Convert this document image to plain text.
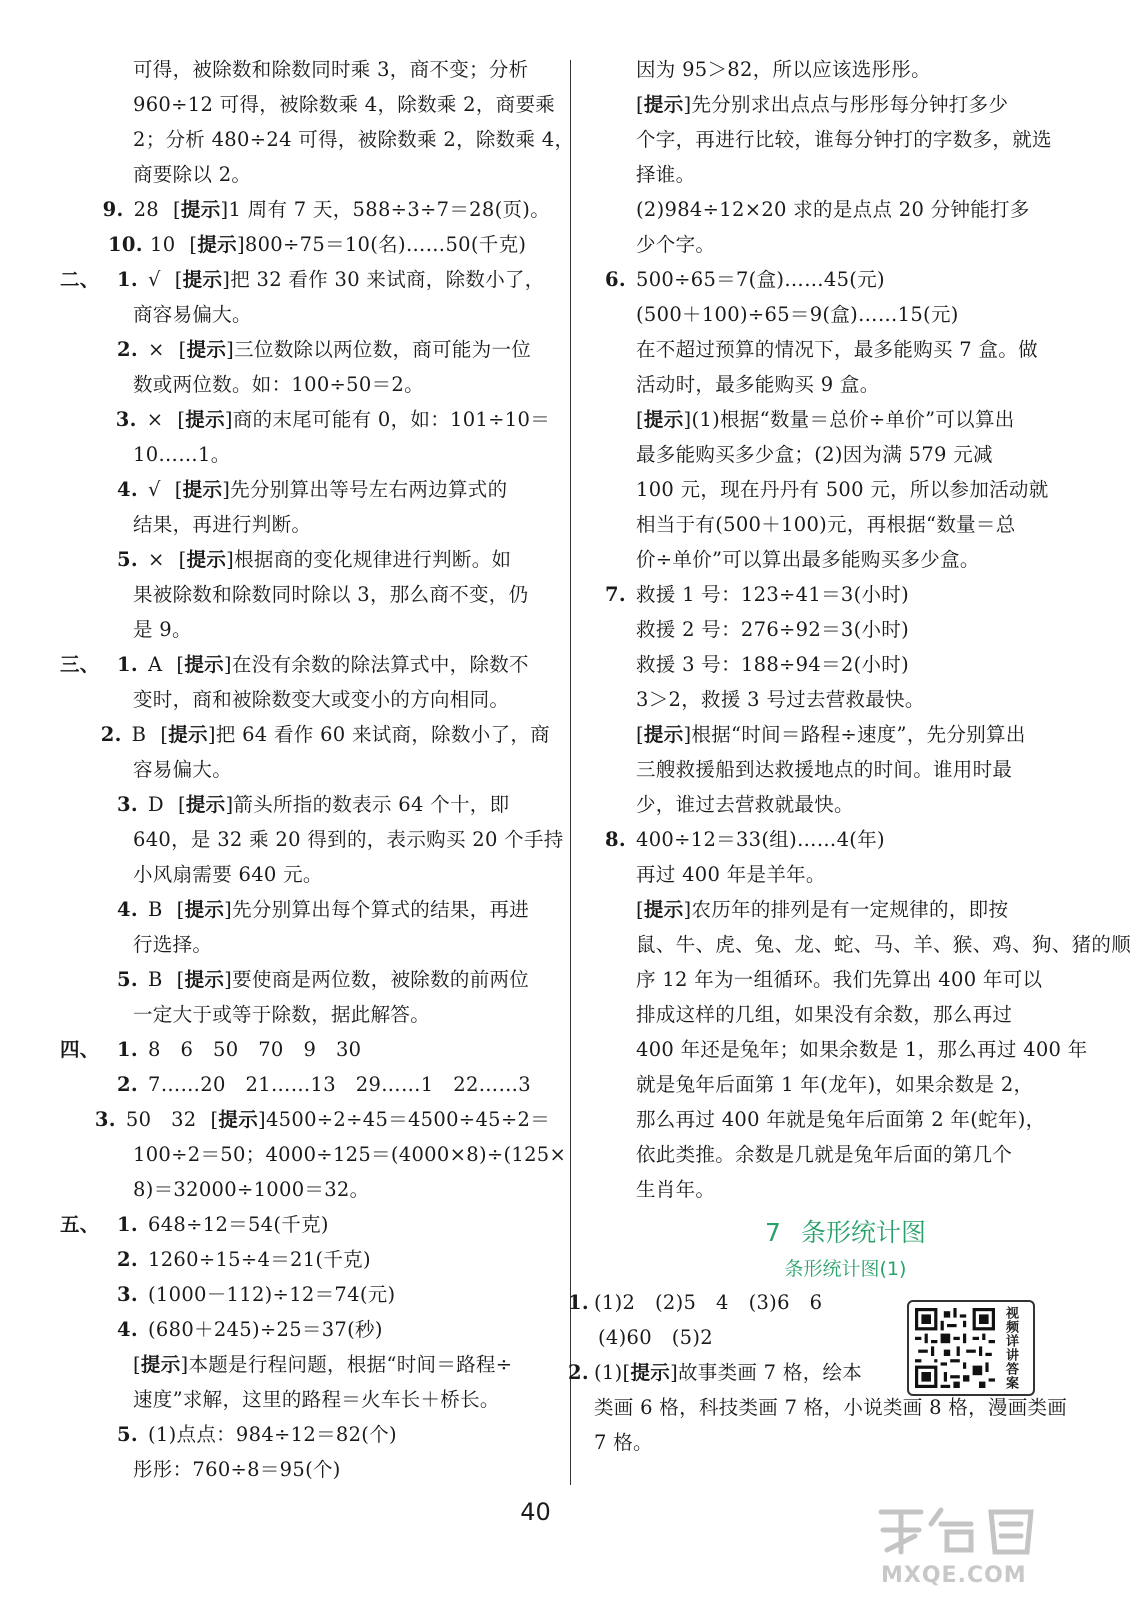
可得，被除数和除数同时乘 3，商不变；分析
960÷12 可得，被除数乘 4，除数乘 2，商要乘
2；分析 480÷24 可得，被除数乘 2，除数乘 4，
商要除以 2。
9. 28 [提示] 1 周有 7 天，588÷3÷7＝28(页)。
10. 10 [提示] 800÷75＝10(名)……50(千克)
二、 1. √ [提示] 把 32 看作 30 来试商，除数小了，
商容易偏大。
2. × [提示] 三位数除以两位数，商可能为一位
数或两位数。如：100÷50＝2。
3. × [提示] 商的末尾可能有 0，如：101÷10＝
10……1。
4. √ [提示] 先分别算出等号左右两边算式的
结果，再进行判断。
5. × [提示] 根据商的变化规律进行判断。如
果被除数和除数同时除以 3，那么商不变，仍
是 9。
三、 1. A [提示] 在没有余数的除法算式中，除数不
变时，商和被除数变大或变小的方向相同。
2. B [提示] 把 64 看作 60 来试商，除数小了，商
容易偏大。
3. D [提示] 箭头所指的数表示 64 个十，即
640，是 32 乘 20 得到的，表示购买 20 个手持
小风扇需要 640 元。
4. B [提示] 先分别算出每个算式的结果，再进
行选择。
5. B [提示] 要使商是两位数，被除数的前两位
一定大于或等于除数，据此解答。
四、 1. 8　6　50　70　9　30
2. 7……20　21……13　29……1　22……3
3. 50　32 [提示] 4500÷2÷45＝4500÷45÷2＝
100÷2＝50；4000÷125＝(4000×8)÷(125×
8)＝32000÷1000＝32。
五、 1. 648÷12＝54(千克)
2. 1260÷15÷4＝21(千克)
3. (1000－112)÷12＝74(元)
4. (680＋245)÷25＝37(秒)
[提示]本题是行程问题，根据“时间＝路程÷
速度”求解，这里的路程＝火车长＋桥长。
5. (1)点点：984÷12＝82(个)
彤彤：760÷8＝95(个)
因为 95＞82，所以应该选彤彤。
[提示]先分别求出点点与彤彤每分钟打多少
个字，再进行比较，谁每分钟打的字数多，就选
择谁。
(2)984÷12×20 求的是点点 20 分钟能打多
少个字。
6. 500÷65＝7(盒)……45(元)
(500＋100)÷65＝9(盒)……15(元)
在不超过预算的情况下，最多能购买 7 盒。做
活动时，最多能购买 9 盒。
[提示](1)根据“数量＝总价÷单价”可以算出
最多能购买多少盒；(2)因为满 579 元减
100 元，现在丹丹有 500 元，所以参加活动就
相当于有(500＋100)元，再根据“数量＝总
价÷单价”可以算出最多能购买多少盒。
7. 救援 1 号：123÷41＝3(小时)
救援 2 号：276÷92＝3(小时)
救援 3 号：188÷94＝2(小时)
3＞2，救援 3 号过去营救最快。
[提示]根据“时间＝路程÷速度”，先分别算出
三艘救援船到达救援地点的时间。谁用时最
少，谁过去营救就最快。
8. 400÷12＝33(组)……4(年)
再过 400 年是羊年。
[提示]农历年的排列是有一定规律的，即按
鼠、牛、虎、兔、龙、蛇、马、羊、猴、鸡、狗、猪的顺
序 12 年为一组循环。我们先算出 400 年可以
排成这样的几组，如果没有余数，那么再过
400 年还是兔年；如果余数是 1，那么再过 400 年
就是兔年后面第 1 年(龙年)，如果余数是 2，
那么再过 400 年就是兔年后面第 2 年(蛇年)，
依此类推。余数是几就是兔年后面的第几个
生肖年。
7 条形统计图
条形统计图(1)
1. (1)2　(2)5　4　(3)6　6
(4)60　(5)2
2. (1) [ 提示 ] 故事类画 7 格，绘本
类画 6 格，科技类画 7 格，小说类画 8 格，漫画类画
7 格。
视频详讲答案
40
MXQE.COM
